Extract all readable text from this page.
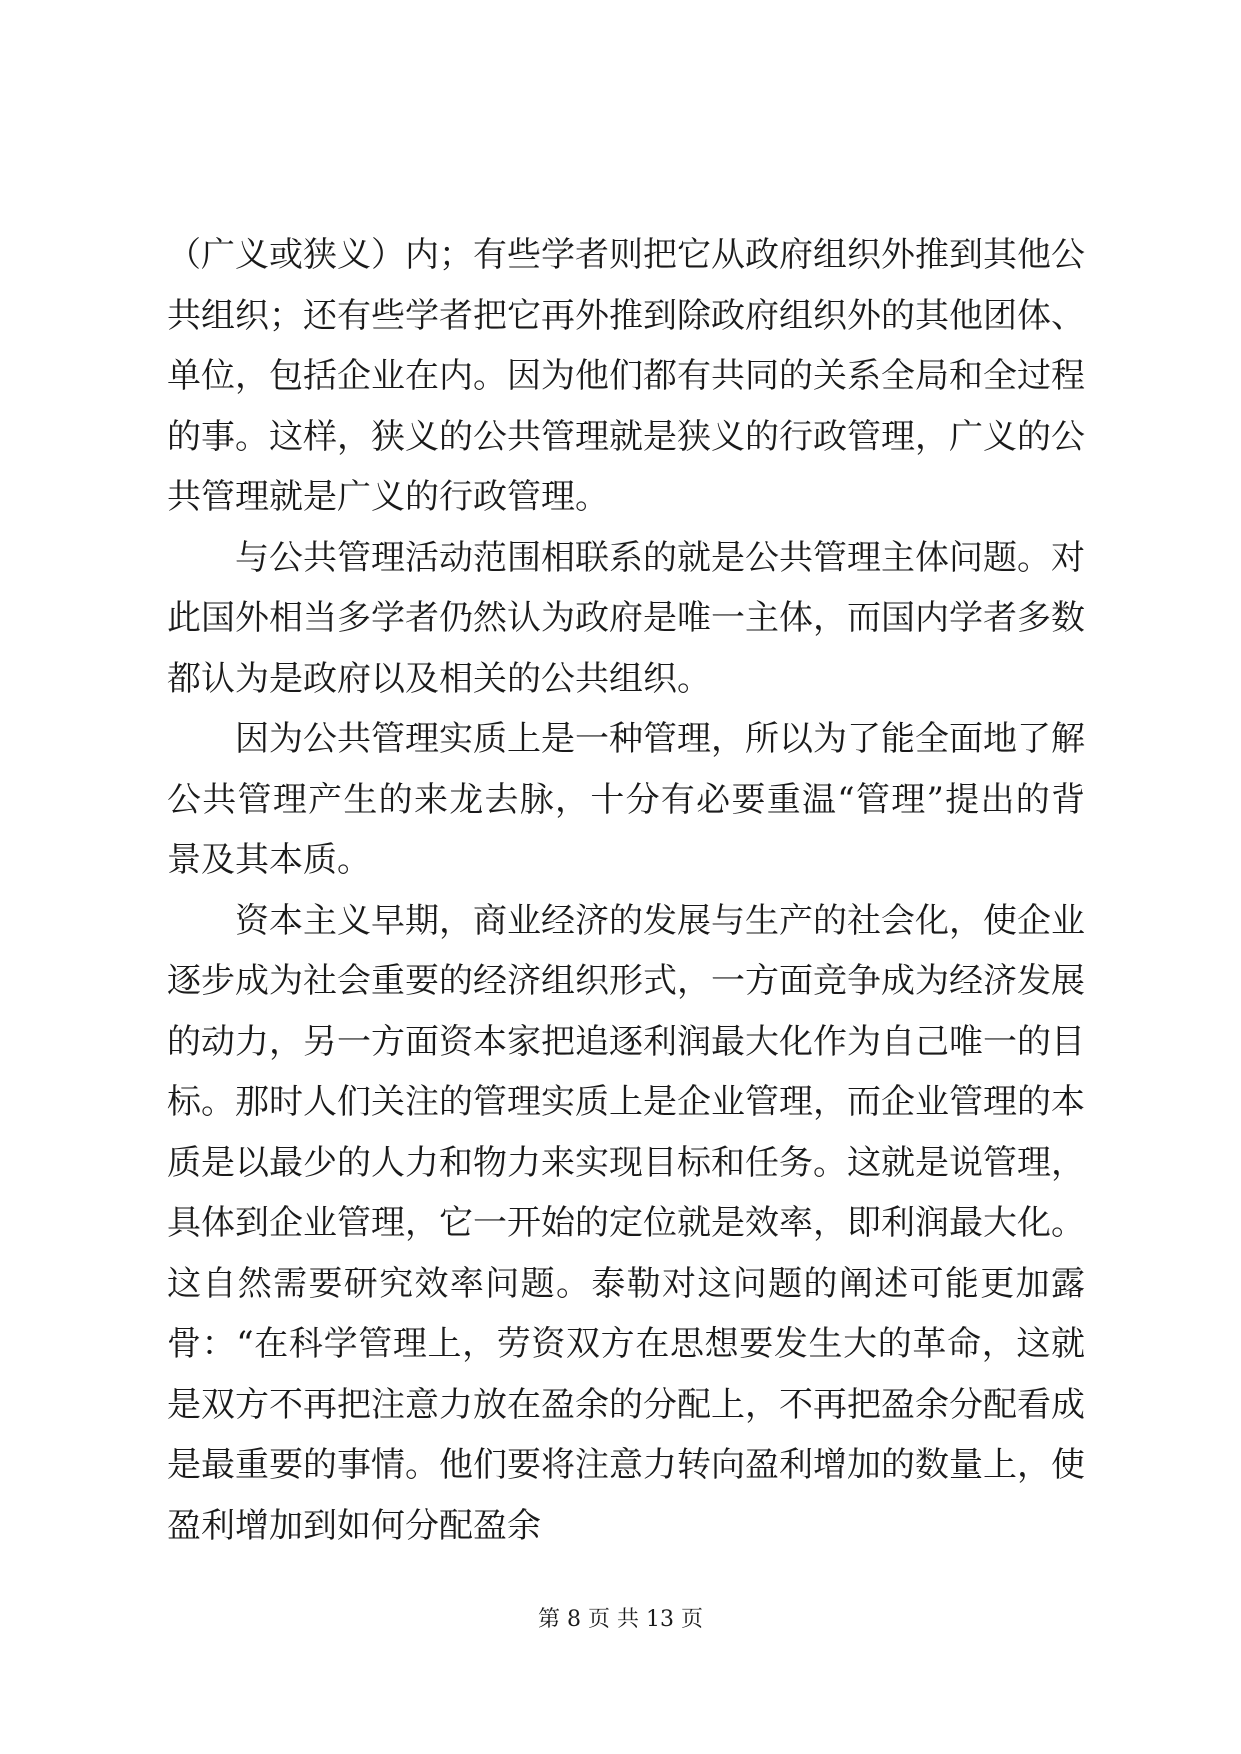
（广义或狭义）内；有些学者则把它从政府组织外推到其他公共组织；还有些学者把它再外推到除政府组织外的其他团体、单位，包括企业在内。因为他们都有共同的关系全局和全过程的事。这样，狭义的公共管理就是狭义的行政管理，广义的公共管理就是广义的行政管理。

与公共管理活动范围相联系的就是公共管理主体问题。对此国外相当多学者仍然认为政府是唯一主体，而国内学者多数都认为是政府以及相关的公共组织。

因为公共管理实质上是一种管理，所以为了能全面地了解公共管理产生的来龙去脉，十分有必要重温“管理”提出的背景及其本质。

资本主义早期，商业经济的发展与生产的社会化，使企业逐步成为社会重要的经济组织形式，一方面竞争成为经济发展的动力，另一方面资本家把追逐利润最大化作为自己唯一的目标。那时人们关注的管理实质上是企业管理，而企业管理的本质是以最少的人力和物力来实现目标和任务。这就是说管理，具体到企业管理，它一开始的定位就是效率，即利润最大化。这自然需要研究效率问题。泰勒对这问题的阐述可能更加露骨：“在科学管理上，劳资双方在思想要发生大的革命，这就是双方不再把注意力放在盈余的分配上，不再把盈余分配看成是最重要的事情。他们要将注意力转向盈利增加的数量上，使盈利增加到如何分配盈余

第 8 页 共 13 页
